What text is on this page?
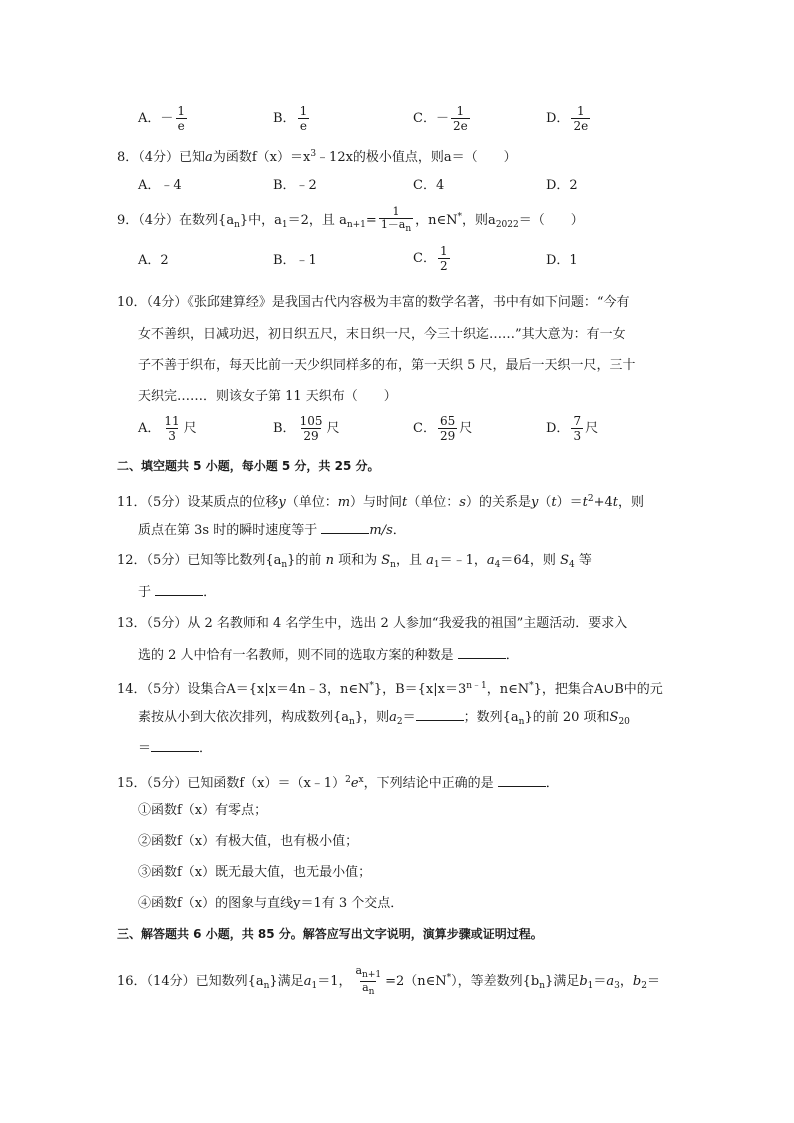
A．－ $\frac{1}{e}$	B． $\frac{1}{e}$	C．－ $\frac{1}{2e}$	D． $\frac{1}{2e}$
8．（4分）已知a为函数$f(x)=x^3﹣12x$的极小值点，则a＝（　　）
A．﹣4	B．﹣2	C．4	D．2
9．（4分）在数列$\{a_n\}$中，$a_1=2$，且 $a_{n+1}= \frac{1}{1-a_n}$ ，n∈N*，则$a_{2022}=$（　　）
A．2	B．﹣1	C． $\frac{1}{2}$	D．1
10．（4分）《张邱建算经》是我国古代内容极为丰富的数学名著，书中有如下问题：“今有
女不善织，日减功迟，初日织五尺，末日织一尺，今三十织迄……”其大意为：有一女
子不善于织布，每天比前一天少织同样多的布，第一天织 5 尺，最后一天织一尺，三十
天织完……．则该女子第 11 天织布（　　）
A． $\frac{11}{3}$ 尺	B． $\frac{105}{29}$ 尺	C． $\frac{65}{29}$ 尺	D． $\frac{7}{3}$ 尺
二、填空题共 5 小题，每小题 5 分，共 25 分。
11．（5分）设某质点的位移y（单位：m）与时间t（单位：s）的关系是$y(t)=t^2+4t$，则
质点在第 3s 时的瞬时速度等于	m/s．
12．（5分）已知等比数列$\{a_n\}$的前 n 项和为 $S_n$，且 $a_1=﹣1$，$a_4=64$，则 $S_4$ 等
于	．
13．（5分）从 2 名教师和 4 名学生中，选出 2 人参加“我爱我的祖国”主题活动．要求入
选的 2 人中恰有一名教师，则不同的选取方案的种数是	．
14．（5分）设集合A＝{x|x＝4n﹣3，n∈N*}，$B=\{x|x=3^{n﹣1}$，n∈N*}，把集合A∪B中的元
素按从小到大依次排列，构成数列$\{a_n\}$，则$a_2=$	；数列$\{a_n\}$的前 20 项和$S_{20}$
＝	．
15．（5分）已知函数$f(x)=(x﹣1)^2e^x$，下列结论中正确的是	．
①函数f（x）有零点；
②函数f（x）有极大值，也有极小值；
③函数f（x）既无最大值，也无最小值；
④函数f（x）的图象与直线y＝1有 3 个交点．
三、解答题共 6 小题，共 85 分。解答应写出文字说明，演算步骤或证明过程。
16．（14分）已知数列$\{a_n\}$满足$a_1=1$， $\frac{a_{n+1}}{a_n}$ =2（n∈N*），等差数列$\{b_n\}$满足$b_1=a_3$，$b_2=$
